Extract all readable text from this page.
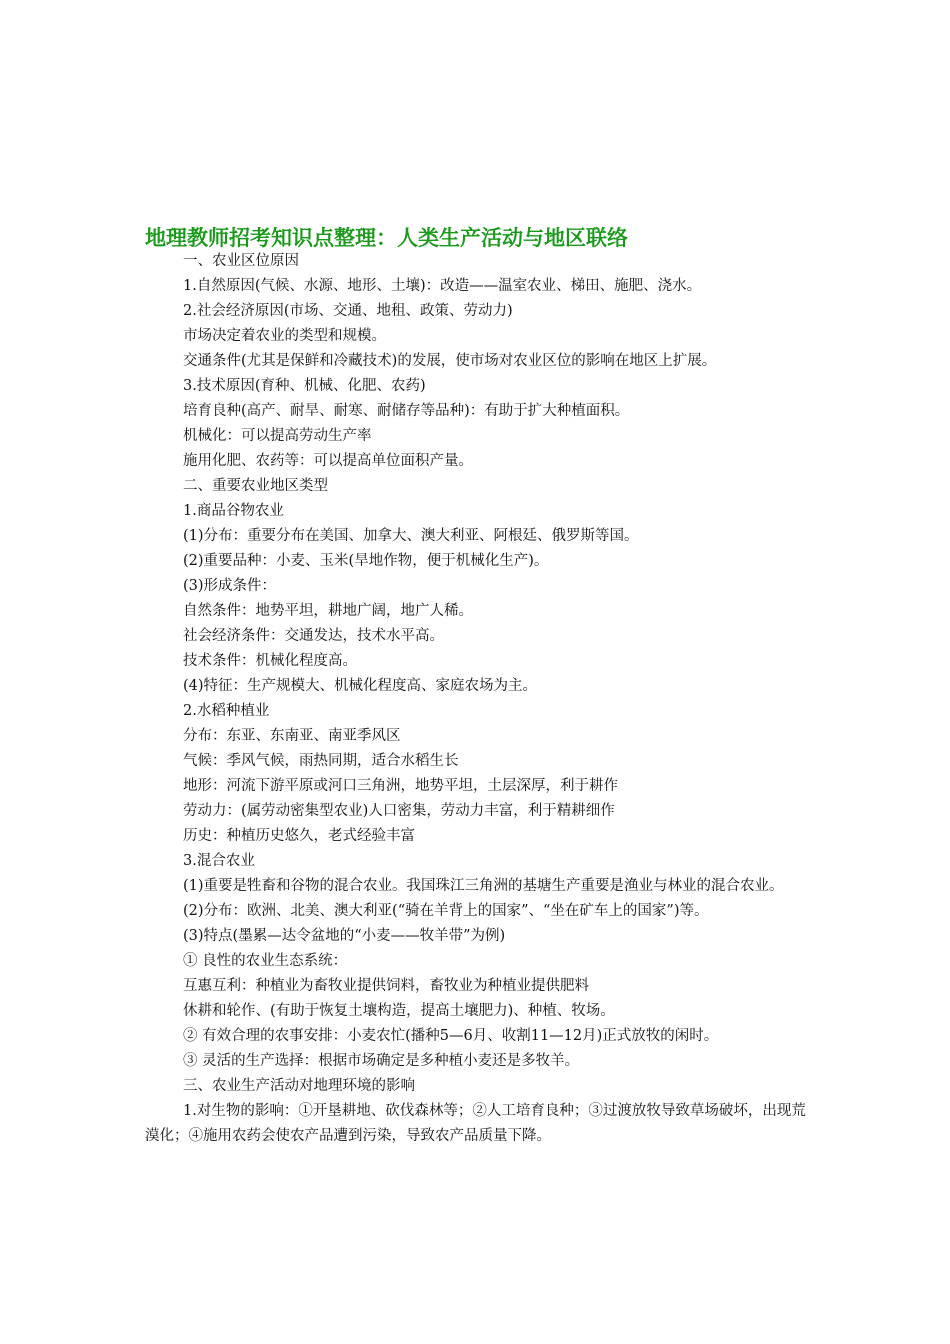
地理教师招考知识点整理：人类生产活动与地区联络

一、农业区位原因

1.自然原因(气候、水源、地形、土壤)：改造——温室农业、梯田、施肥、浇水。

2.社会经济原因(市场、交通、地租、政策、劳动力)

市场决定着农业的类型和规模。

交通条件(尤其是保鲜和冷藏技术)的发展，使市场对农业区位的影响在地区上扩展。

3.技术原因(育种、机械、化肥、农药)

培育良种(高产、耐旱、耐寒、耐储存等品种)：有助于扩大种植面积。

机械化：可以提高劳动生产率

施用化肥、农药等：可以提高单位面积产量。

二、重要农业地区类型

1.商品谷物农业

(1)分布：重要分布在美国、加拿大、澳大利亚、阿根廷、俄罗斯等国。

(2)重要品种：小麦、玉米(旱地作物，便于机械化生产)。

(3)形成条件：

自然条件：地势平坦，耕地广阔，地广人稀。

社会经济条件：交通发达，技术水平高。

技术条件：机械化程度高。

(4)特征：生产规模大、机械化程度高、家庭农场为主。

2.水稻种植业

分布：东亚、东南亚、南亚季风区

气候：季风气候，雨热同期，适合水稻生长

地形：河流下游平原或河口三角洲，地势平坦，土层深厚，利于耕作

劳动力：(属劳动密集型农业)人口密集，劳动力丰富，利于精耕细作

历史：种植历史悠久，老式经验丰富

3.混合农业

(1)重要是牲畜和谷物的混合农业。我国珠江三角洲的基塘生产重要是渔业与林业的混合农业。

(2)分布：欧洲、北美、澳大利亚(“骑在羊背上的国家”、“坐在矿车上的国家”)等。

(3)特点(墨累—达令盆地的“小麦——牧羊带”为例)

① 良性的农业生态系统：

互惠互利：种植业为畜牧业提供饲料，畜牧业为种植业提供肥料

休耕和轮作、(有助于恢复土壤构造，提高土壤肥力)、种植、牧场。

② 有效合理的农事安排：小麦农忙(播种5—6月、收割11—12月)正式放牧的闲时。

③ 灵活的生产选择：根据市场确定是多种植小麦还是多牧羊。

三、农业生产活动对地理环境的影响

1.对生物的影响：①开垦耕地、砍伐森林等；②人工培育良种；③过渡放牧导致草场破坏，出现荒漠化；④施用农药会使农产品遭到污染，导致农产品质量下降。
